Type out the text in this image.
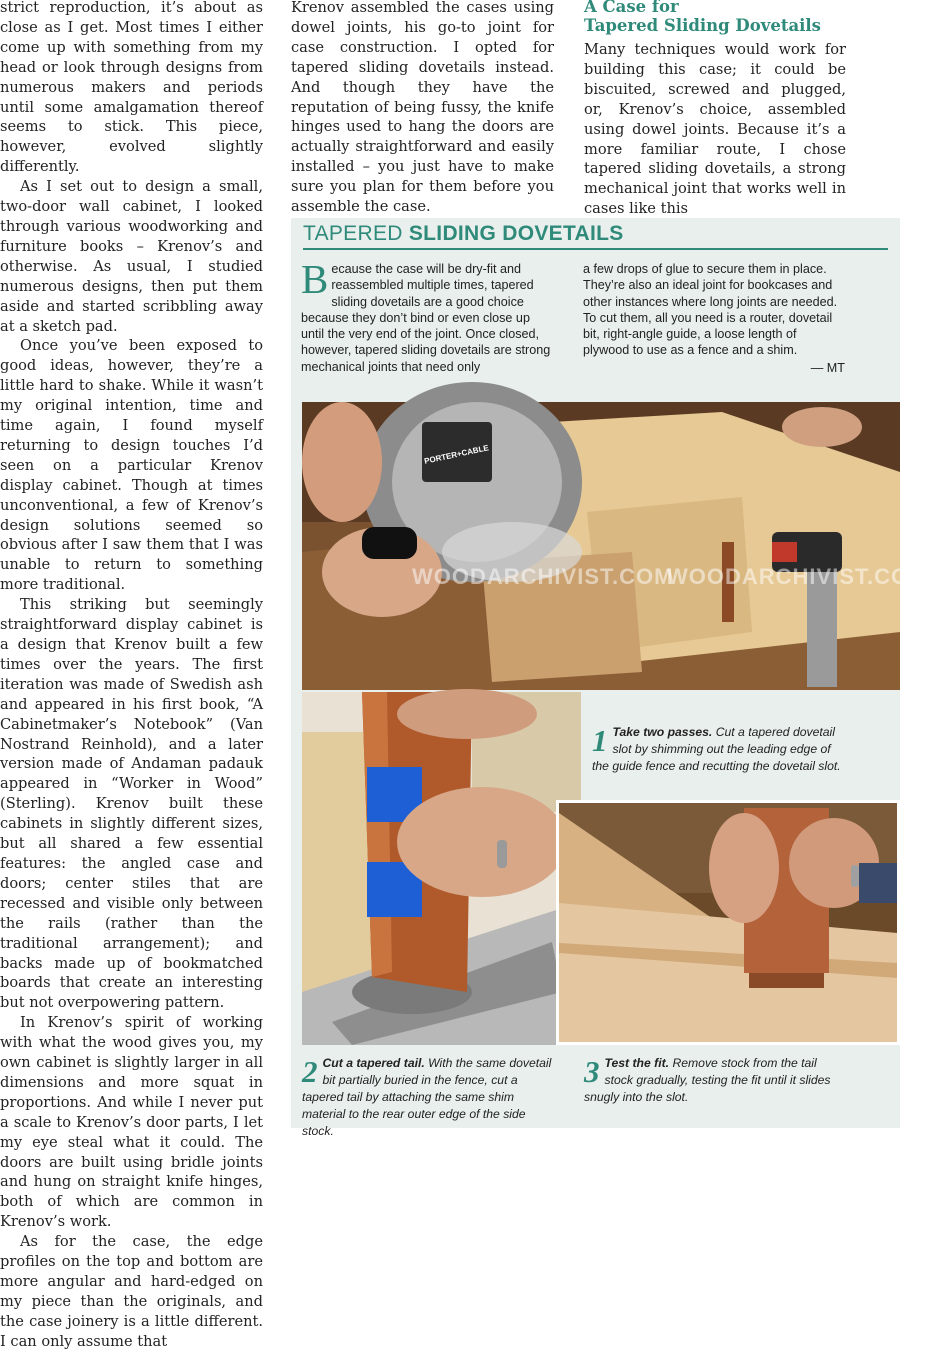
strict reproduction, it’s about as close as I get. Most times I either come up with something from my head or look through designs from numerous makers and periods until some amalgamation thereof seems to stick. This piece, however, evolved slightly differently.

As I set out to design a small, two-door wall cabinet, I looked through various woodworking and furniture books – Krenov’s and otherwise. As usual, I studied numerous designs, then put them aside and started scribbling away at a sketch pad.

Once you’ve been exposed to good ideas, however, they’re a little hard to shake. While it wasn’t my original intention, time and time again, I found myself returning to design touches I’d seen on a particular Krenov display cabinet. Though at times unconventional, a few of Krenov’s design solutions seemed so obvious after I saw them that I was unable to return to something more traditional.

This striking but seemingly straightforward display cabinet is a design that Krenov built a few times over the years. The first iteration was made of Swedish ash and appeared in his first book, “A Cabinetmaker’s Notebook” (Van Nostrand Reinhold), and a later version made of Andaman padauk appeared in “Worker in Wood” (Sterling). Krenov built these cabinets in slightly different sizes, but all shared a few essential features: the angled case and doors; center stiles that are recessed and visible only between the rails (rather than the traditional arrangement); and backs made up of bookmatched boards that create an interesting but not overpowering pattern.

In Krenov’s spirit of working with what the wood gives you, my own cabinet is slightly larger in all dimensions and more squat in proportions. And while I never put a scale to Krenov’s door parts, I let my eye steal what it could. The doors are built using bridle joints and hung on straight knife hinges, both of which are common in Krenov’s work.

As for the case, the edge profiles on the top and bottom are more angular and hard-edged on my piece than the originals, and the case joinery is a little different. I can only assume that

Krenov assembled the cases using dowel joints, his go-to joint for case construction. I opted for tapered sliding dovetails instead. And though they have the reputation of being fussy, the knife hinges used to hang the doors are actually straightforward and easily installed – you just have to make sure you plan for them before you assemble the case.

A Case for
Tapered Sliding Dovetails

Many techniques would work for building this case; it could be biscuited, screwed and plugged, or, Krenov’s choice, assembled using dowel joints. Because it’s a more familiar route, I chose tapered sliding dovetails, a strong mechanical joint that works well in cases like this

TAPERED SLIDING DOVETAILS
Because the case will be dry-fit and reassembled multiple times, tapered sliding dovetails are a good choice because they don’t bind or even close up until the very end of the joint. Once closed, however, tapered sliding dovetails are strong mechanical joints that need only
a few drops of glue to secure them in place. They’re also an ideal joint for bookcases and other instances where long joints are needed. To cut them, all you need is a router, dovetail bit, right-angle guide, a loose length of plywood to use as a fence and a shim.
— MT
PORTER+CABLE
WOODARCHIVIST.COM
WOODARCHIVIST.COM
1 Take two passes. Cut a tapered dovetail slot by shimming out the leading edge of the guide fence and recutting the dovetail slot.
2 Cut a tapered tail. With the same dovetail bit partially buried in the fence, cut a tapered tail by attaching the same shim material to the rear outer edge of the side stock.
3 Test the fit. Remove stock from the tail stock gradually, testing the fit until it slides snugly into the slot.
